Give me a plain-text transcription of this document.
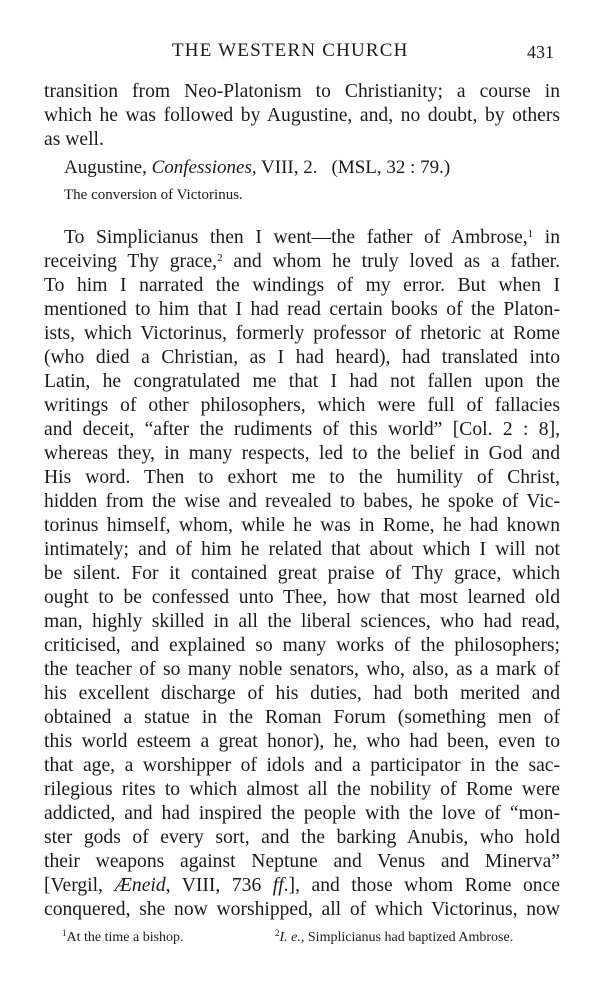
THE WESTERN CHURCH	431
transition from Neo-Platonism to Christianity; a course in
which he was followed by Augustine, and, no doubt, by others
as well.
Augustine, Confessiones, VIII, 2. (MSL, 32 : 79.)
The conversion of Victorinus.
To Simplicianus then I went—the father of Ambrose,$^1$ in
receiving Thy grace,$^2$ and whom he truly loved as a father.
To him I narrated the windings of my error. But when I
mentioned to him that I had read certain books of the Platon-
ists, which Victorinus, formerly professor of rhetoric at Rome
(who died a Christian, as I had heard), had translated into
Latin, he congratulated me that I had not fallen upon the
writings of other philosophers, which were full of fallacies
and deceit, “after the rudiments of this world” [Col. 2 : 8],
whereas they, in many respects, led to the belief in God and
His word. Then to exhort me to the humility of Christ,
hidden from the wise and revealed to babes, he spoke of Vic-
torinus himself, whom, while he was in Rome, he had known
intimately; and of him he related that about which I will not
be silent. For it contained great praise of Thy grace, which
ought to be confessed unto Thee, how that most learned old
man, highly skilled in all the liberal sciences, who had read,
criticised, and explained so many works of the philosophers;
the teacher of so many noble senators, who, also, as a mark of
his excellent discharge of his duties, had both merited and
obtained a statue in the Roman Forum (something men of
this world esteem a great honor), he, who had been, even to
that age, a worshipper of idols and a participator in the sac-
rilegious rites to which almost all the nobility of Rome were
addicted, and had inspired the people with the love of “mon-
ster gods of every sort, and the barking Anubis, who hold
their weapons against Neptune and Venus and Minerva”
[Vergil, Æneid, VIII, 736 ff.], and those whom Rome once
conquered, she now worshipped, all of which Victorinus, now
$^1$At the time a bishop.	$^2$I. e., Simplicianus had baptized Ambrose.
